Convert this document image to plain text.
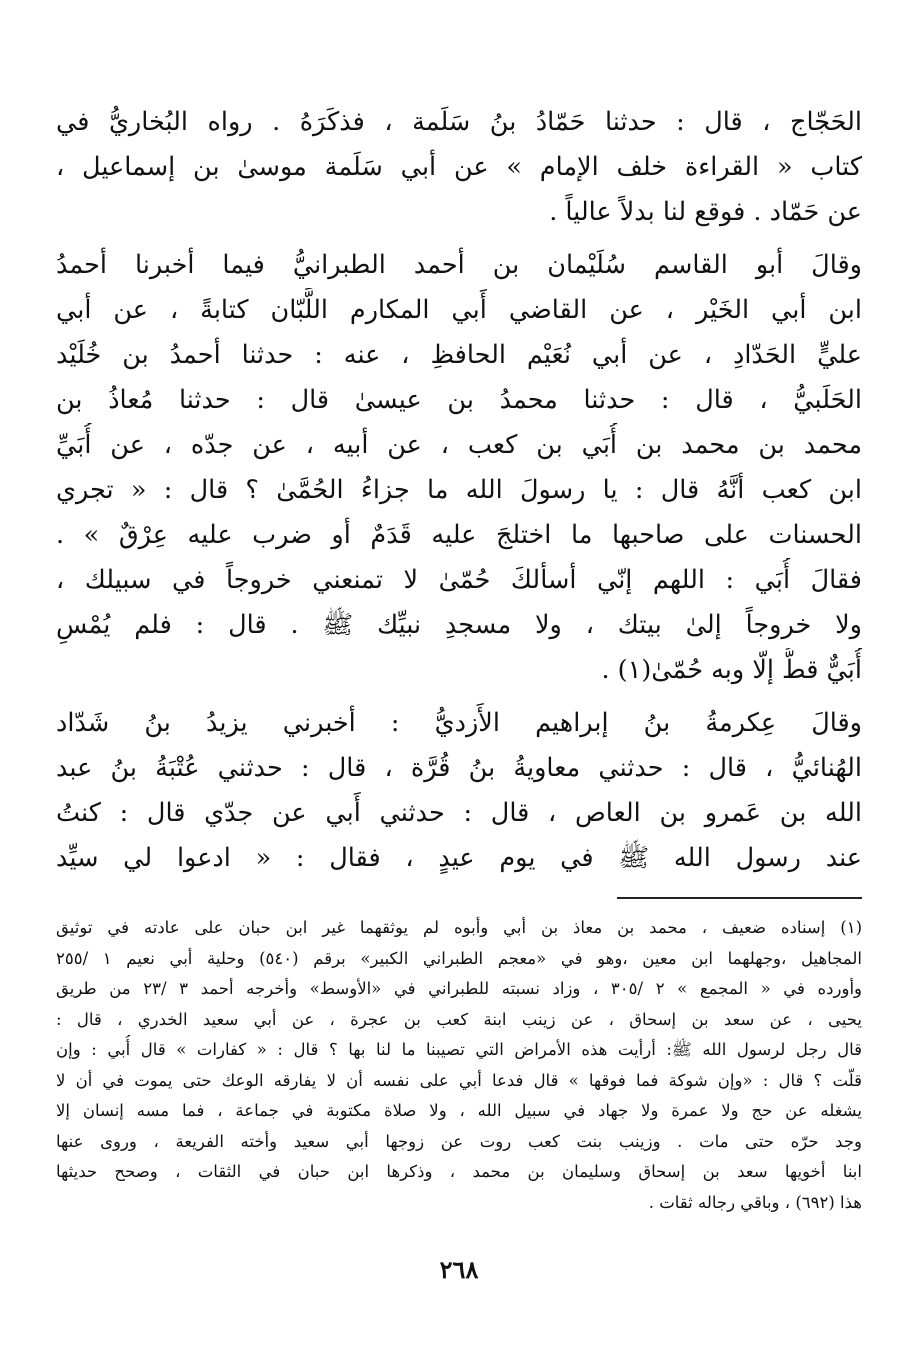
الحَجّاج ، قال : حدثنا حَمّادُ بنُ سَلَمة ، فذكَرَهُ . رواه البُخاريُّ في
كتاب « القراءة خلف الإمام » عن أبي سَلَمة موسىٰ بن إسماعيل ،
عن حَمّاد . فوقع لنا بدلاً عالياً .
وقالَ أبو القاسم سُلَيْمان بن أحمد الطبرانيُّ فيما أخبرنا أحمدُ
ابن أبي الخَيْر ، عن القاضي أَبي المكارم اللَّبّان كتابةً ، عن أبي
عليٍّ الحَدّادِ ، عن أبي نُعَيْم الحافظِ ، عنه : حدثنا أحمدُ بن خُلَيْد
الحَلَبيُّ ، قال : حدثنا محمدُ بن عيسىٰ قال : حدثنا مُعاذُ بن
محمد بن محمد بن أُبَي بن كعب ، عن أبيه ، عن جدّه ، عن أُبَيِّ
ابن كعب أنَّهُ قال : يا رسولَ الله ما جزاءُ الحُمَّىٰ ؟ قال : « تجري
الحسنات على صاحبها ما اختلجَ عليه قَدَمٌ أو ضرب عليه عِرْقٌ » .
فقالَ أُبَي : اللهم إنّي أسألكَ حُمّىٰ لا تمنعني خروجاً في سبيلك ،
ولا خروجاً إلىٰ بيتك ، ولا مسجدِ نبيِّك ﷺ . قال : فلم يُمْسِ
أُبَيٌّ قطُّ إلّا وبه حُمّىٰ(١) .
وقالَ عِكرمةُ بنُ إبراهيم الأَزديُّ : أخبرني يزيدُ بنُ شَدّاد
الهُنائيُّ ، قال : حدثني معاويةُ بنُ قُرَّة ، قال : حدثني عُتْبَةُ بنُ عبد
الله بن عَمرو بن العاص ، قال : حدثني أَبي عن جدّي قال : كنتُ
عند رسول الله ﷺ في يوم عيدٍ ، فقال : « ادعوا لي سيِّد
(١) إسناده ضعيف ، محمد بن معاذ بن أبي وأبوه لم يوثقهما غير ابن حبان على عادته في توثيق
المجاهيل ،وجهلهما ابن معين ،وهو في «معجم الطبراني الكبير» برقم (٥٤٠) وحلية أبي نعيم ١ /٢٥٥
وأورده في « المجمع » ٢ /٣٠٥ ، وزاد نسبته للطبراني في «الأوسط» وأخرجه أحمد ٣ /٢٣ من طريق
يحيى ، عن سعد بن إسحاق ، عن زينب ابنة كعب بن عجرة ، عن أبي سعيد الخدري ، قال :
قال رجل لرسول الله ﷺ: أرأيت هذه الأمراض التي تصيبنا ما لنا بها ؟ قال : « كفارات » قال أُبي : وإن
قلّت ؟ قال : «وإن شوكة فما فوقها » قال فدعا أبي على نفسه أن لا يفارقه الوعك حتى يموت في أن لا
يشغله عن حج ولا عمرة ولا جهاد في سبيل الله ، ولا صلاة مكتوبة في جماعة ، فما مسه إنسان إلا
وجد حرّه حتى مات . وزينب بنت كعب روت عن زوجها أبي سعيد وأخته الفريعة ، وروى عنها
ابنا أخويها سعد بن إسحاق وسليمان بن محمد ، وذكرها ابن حبان في الثقات ، وصحح حديثها
هذا (٦٩٢) ، وباقي رجاله ثقات .
٢٦٨
